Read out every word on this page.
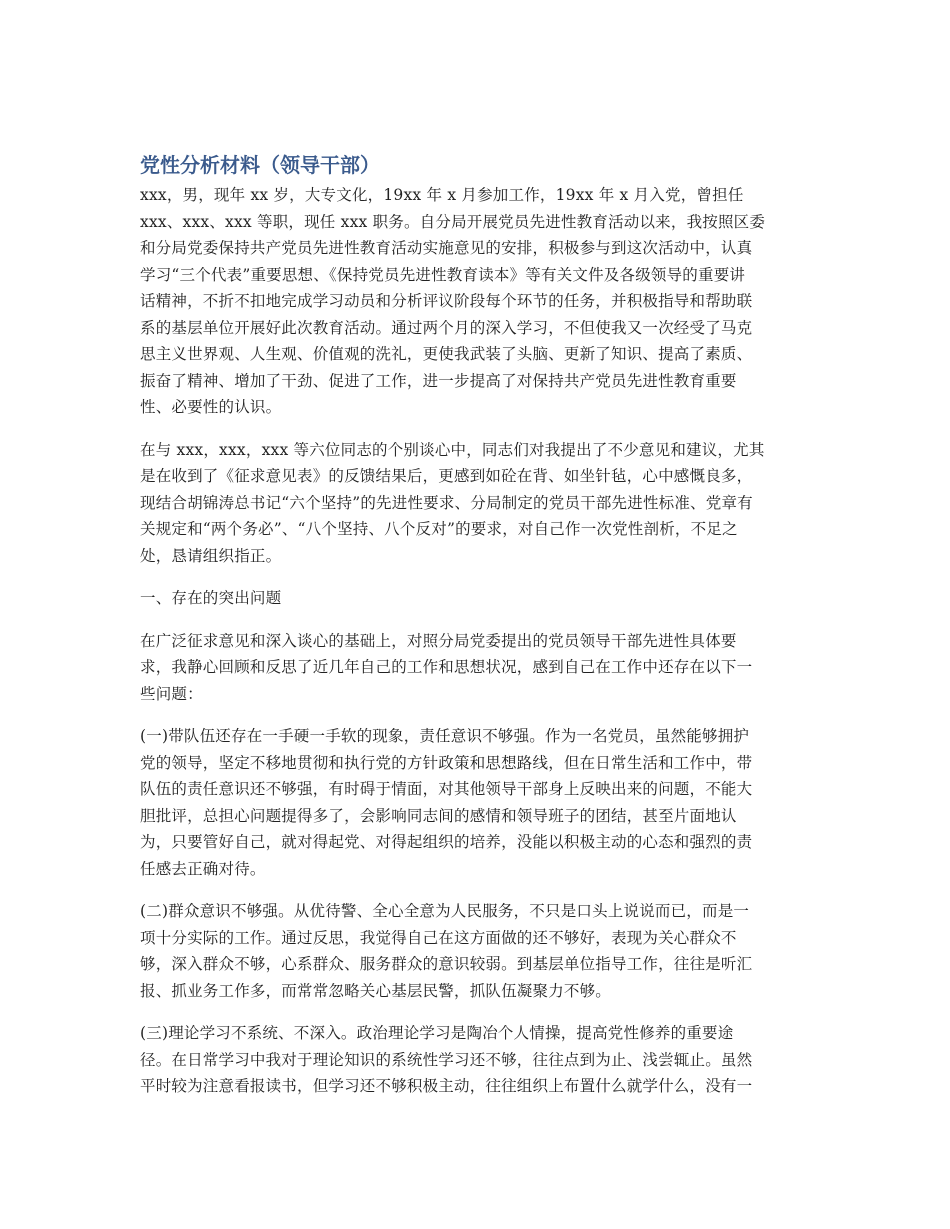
党性分析材料（领导干部）

xxx，男，现年 xx 岁，大专文化，19xx 年 x 月参加工作，19xx 年 x 月入党，曾担任
xxx、xxx、xxx 等职，现任 xxx 职务。自分局开展党员先进性教育活动以来，我按照区委
和分局党委保持共产党员先进性教育活动实施意见的安排，积极参与到这次活动中，认真
学习“三个代表”重要思想、《保持党员先进性教育读本》等有关文件及各级领导的重要讲
话精神，不折不扣地完成学习动员和分析评议阶段每个环节的任务，并积极指导和帮助联
系的基层单位开展好此次教育活动。通过两个月的深入学习，不但使我又一次经受了马克
思主义世界观、人生观、价值观的洗礼，更使我武装了头脑、更新了知识、提高了素质、
振奋了精神、增加了干劲、促进了工作，进一步提高了对保持共产党员先进性教育重要
性、必要性的认识。

在与 xxx，xxx，xxx 等六位同志的个别谈心中，同志们对我提出了不少意见和建议，尤其
是在收到了《征求意见表》的反馈结果后，更感到如砼在背、如坐针毡，心中感慨良多，
现结合胡锦涛总书记“六个坚持”的先进性要求、分局制定的党员干部先进性标准、党章有
关规定和“两个务必”、“八个坚持、八个反对”的要求，对自己作一次党性剖析，不足之
处，恳请组织指正。

一、存在的突出问题

在广泛征求意见和深入谈心的基础上，对照分局党委提出的党员领导干部先进性具体要
求，我静心回顾和反思了近几年自己的工作和思想状况，感到自己在工作中还存在以下一
些问题：

(一)带队伍还存在一手硬一手软的现象，责任意识不够强。作为一名党员，虽然能够拥护
党的领导，坚定不移地贯彻和执行党的方针政策和思想路线，但在日常生活和工作中，带
队伍的责任意识还不够强，有时碍于情面，对其他领导干部身上反映出来的问题，不能大
胆批评，总担心问题提得多了，会影响同志间的感情和领导班子的团结，甚至片面地认
为，只要管好自己，就对得起党、对得起组织的培养，没能以积极主动的心态和强烈的责
任感去正确对待。

(二)群众意识不够强。从优待警、全心全意为人民服务，不只是口头上说说而已，而是一
项十分实际的工作。通过反思，我觉得自己在这方面做的还不够好，表现为关心群众不
够，深入群众不够，心系群众、服务群众的意识较弱。到基层单位指导工作，往往是听汇
报、抓业务工作多，而常常忽略关心基层民警，抓队伍凝聚力不够。

(三)理论学习不系统、不深入。政治理论学习是陶冶个人情操，提高党性修养的重要途
径。在日常学习中我对于理论知识的系统性学习还不够，往往点到为止、浅尝辄止。虽然
平时较为注意看报读书，但学习还不够积极主动，往往组织上布置什么就学什么，没有一
